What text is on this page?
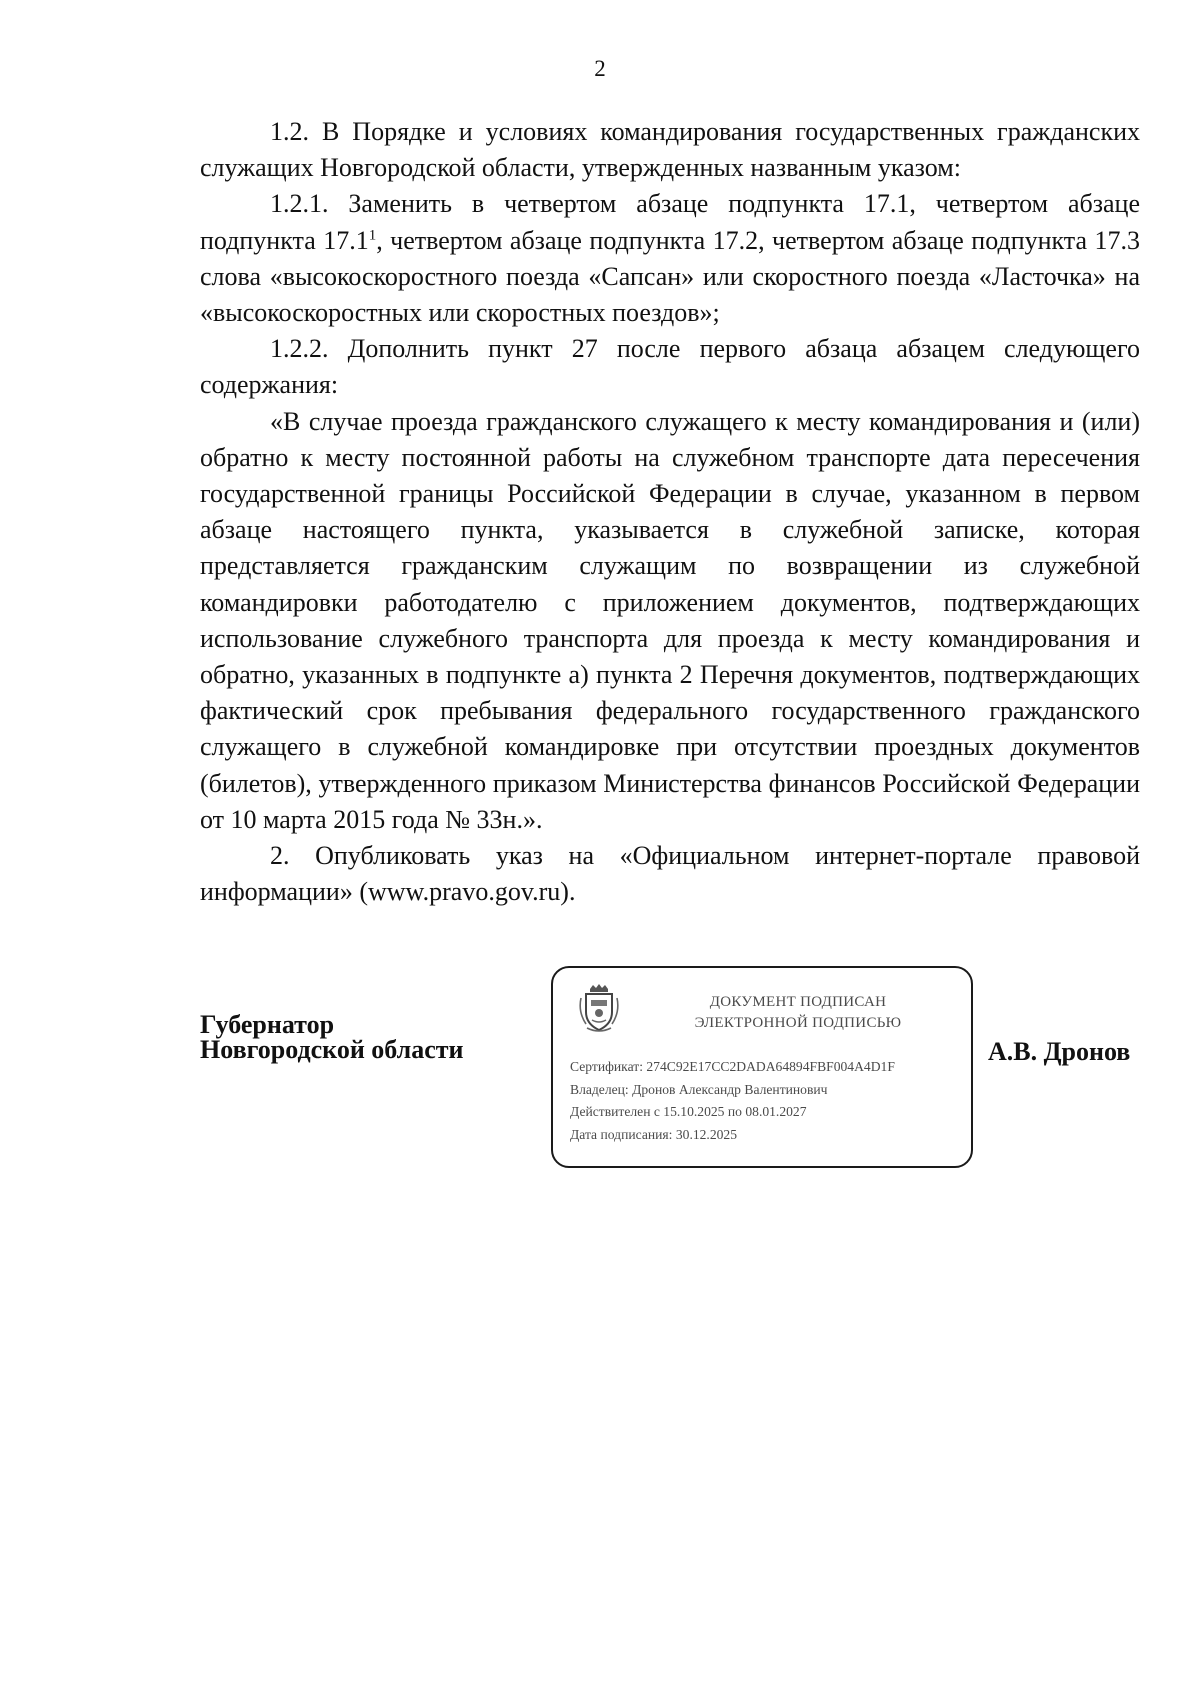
2

1.2. В Порядке и условиях командирования государственных гражданских служащих Новгородской области, утвержденных названным указом:

1.2.1. Заменить в четвертом абзаце подпункта 17.1, четвертом абзаце подпункта 17.1$^1$, четвертом абзаце подпункта 17.2, четвертом абзаце подпункта 17.3 слова «высокоскоростного поезда «Сапсан» или скоростного поезда «Ласточка» на «высокоскоростных или скоростных поездов»;

1.2.2. Дополнить пункт 27 после первого абзаца абзацем следующего содержания:

«В случае проезда гражданского служащего к месту командирования и (или) обратно к месту постоянной работы на служебном транспорте дата пересечения государственной границы Российской Федерации в случае, указанном в первом абзаце настоящего пункта, указывается в служебной записке, которая представляется гражданским служащим по возвращении из служебной командировки работодателю с приложением документов, подтверждающих использование служебного транспорта для проезда к месту командирования и обратно, указанных в подпункте а) пункта 2 Перечня документов, подтверждающих фактический срок пребывания федерального государственного гражданского служащего в служебной командировке при отсутствии проездных документов (билетов), утвержденного приказом Министерства финансов Российской Федерации от 10 марта 2015 года № 33н.».

2. Опубликовать указ на «Официальном интернет-портале правовой информации» (www.pravo.gov.ru).

Губернатор
Новгородской области
ДОКУМЕНТ ПОДПИСАН
ЭЛЕКТРОННОЙ ПОДПИСЬЮ
Сертификат: 274C92E17CC2DADA64894FBF004A4D1F
Владелец: Дронов Александр Валентинович
Действителен с 15.10.2025 по 08.01.2027
Дата подписания: 30.12.2025
А.В. Дронов
